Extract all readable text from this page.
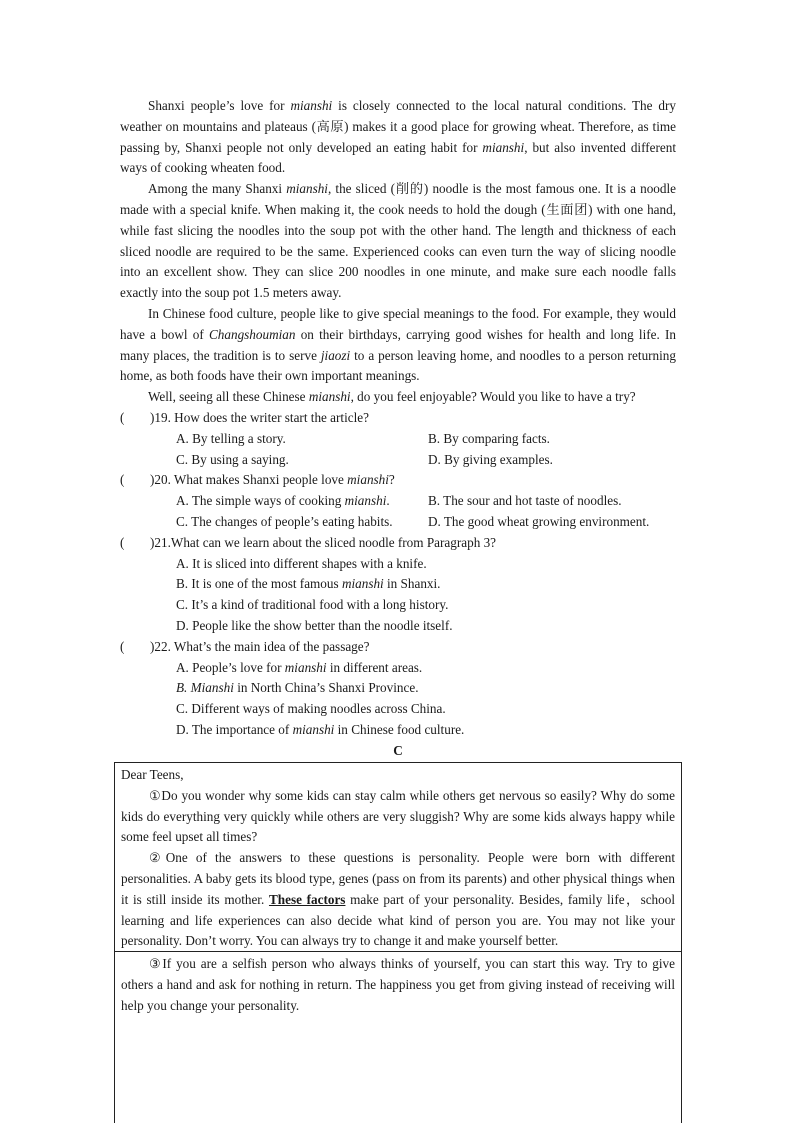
Shanxi people’s love for mianshi is closely connected to the local natural conditions. The dry weather on mountains and plateaus (高原) makes it a good place for growing wheat. Therefore, as time passing by, Shanxi people not only developed an eating habit for mianshi, but also invented different ways of cooking wheaten food.

Among the many Shanxi mianshi, the sliced (削的) noodle is the most famous one. It is a noodle made with a special knife. When making it, the cook needs to hold the dough (生面团) with one hand, while fast slicing the noodles into the soup pot with the other hand. The length and thickness of each sliced noodle are required to be the same. Experienced cooks can even turn the way of slicing noodle into an excellent show. They can slice 200 noodles in one minute, and make sure each noodle falls exactly into the soup pot 1.5 meters away.

In Chinese food culture, people like to give special meanings to the food. For example, they would have a bowl of Changshoumian on their birthdays, carrying good wishes for health and long life. In many places, the tradition is to serve jiaozi to a person leaving home, and noodles to a person returning home, as both foods have their own important meanings.

Well, seeing all these Chinese mianshi, do you feel enjoyable? Would you like to have a try?

( )19. How does the writer start the article?
A. By telling a story.	B. By comparing facts.
C. By using a saying.	D. By giving examples.
( )20. What makes Shanxi people love mianshi?
A. The simple ways of cooking mianshi.	B. The sour and hot taste of noodles.
C. The changes of people’s eating habits.	D. The good wheat growing environment.
( )21.What can we learn about the sliced noodle from Paragraph 3?
A. It is sliced into different shapes with a knife.
B. It is one of the most famous mianshi in Shanxi.
C. It’s a kind of traditional food with a long history.
D. People like the show better than the noodle itself.
( )22. What’s the main idea of the passage?
A. People’s love for mianshi in different areas.
B. Mianshi in North China’s Shanxi Province.
C. Different ways of making noodles across China.
D. The importance of mianshi in Chinese food culture.
C

Dear Teens,

①Do you wonder why some kids can stay calm while others get nervous so easily? Why do some kids do everything very quickly while others are very sluggish? Why are some kids always happy while some feel upset all times?

②One of the answers to these questions is personality. People were born with different personalities. A baby gets its blood type, genes (pass on from its parents) and other physical things when it is still inside its mother. These factors make part of your personality. Besides, family life，school learning and life experiences can also decide what kind of person you are. You may not like your personality. Don’t worry. You can always try to change it and make yourself better.

③If you are a selfish person who always thinks of yourself, you can start this way. Try to give others a hand and ask for nothing in return. The happiness you get from giving instead of receiving will help you change your personality.
